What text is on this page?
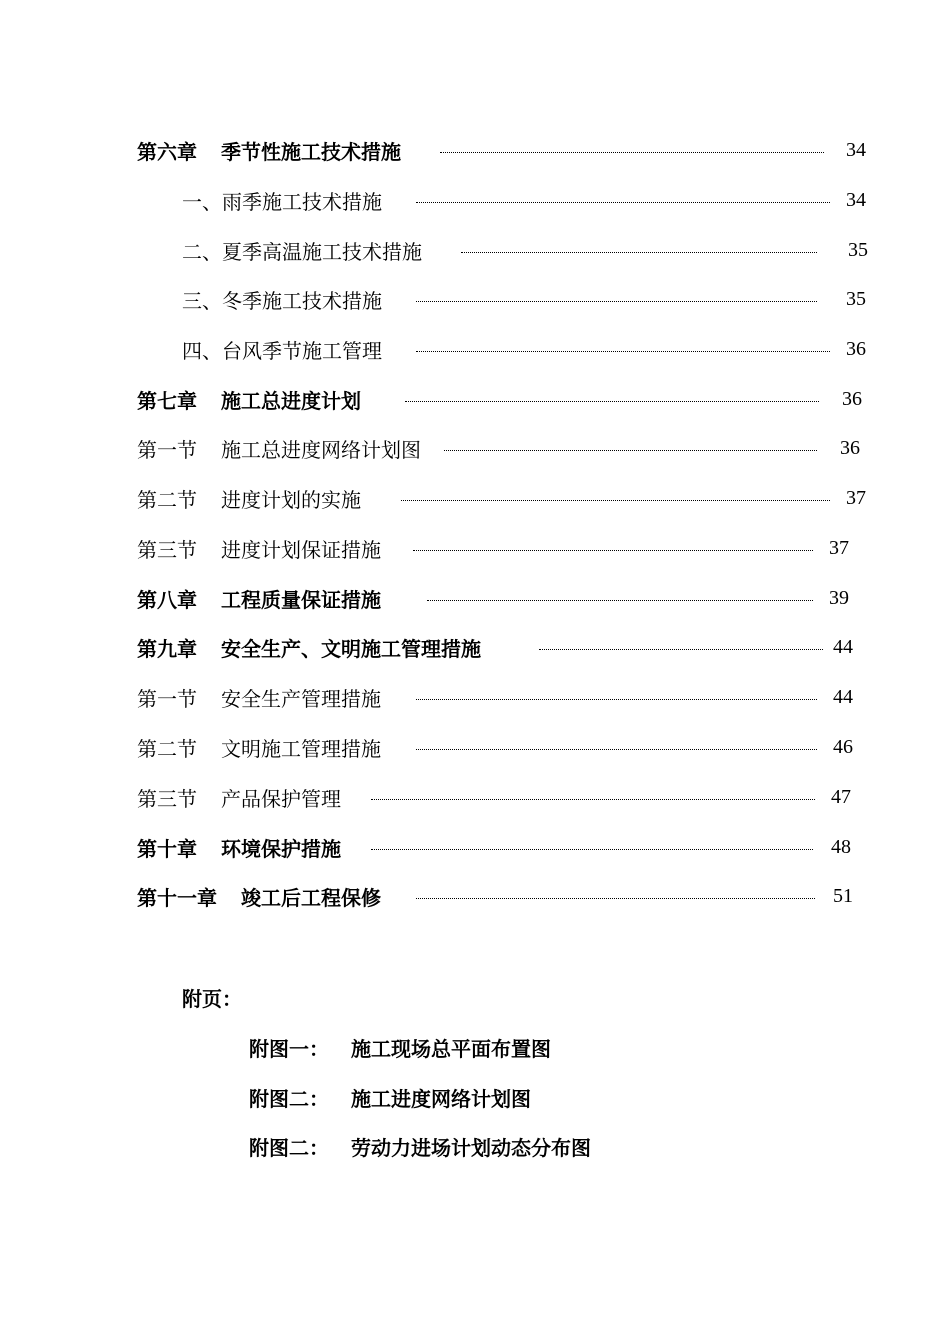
第六章 季节性施工技术措施	34
一、雨季施工技术措施	34
二、夏季高温施工技术措施	35
三、冬季施工技术措施	35
四、台风季节施工管理	36
第七章 施工总进度计划	36
第一节 施工总进度网络计划图	36
第二节 进度计划的实施	37
第三节 进度计划保证措施	37
第八章 工程质量保证措施	39
第九章 安全生产、文明施工管理措施	44
第一节 安全生产管理措施	44
第二节 文明施工管理措施	46
第三节 产品保护管理	47
第十章 环境保护措施	48
第十一章 竣工后工程保修	51
附页：
附图一： 施工现场总平面布置图
附图二： 施工进度网络计划图
附图二： 劳动力进场计划动态分布图
